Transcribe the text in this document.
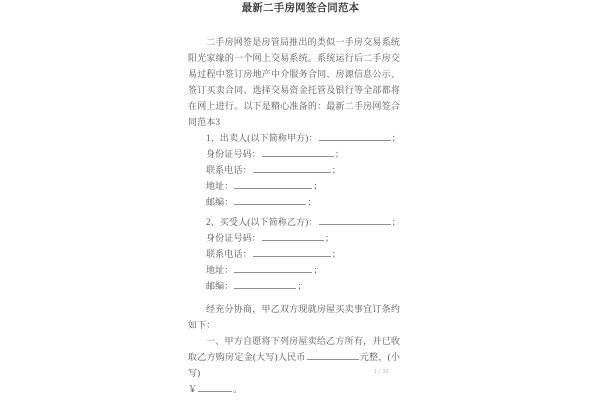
最新二手房网签合同范本

二手房网签是房管局推出的类似一手房交易系统阳光家缘的一个网上交易系统。系统运行后二手房交易过程中签订房地产中介服务合同、房源信息公示、签订买卖合同、选择交易资金托管及银行等全部都将在网上进行。以下是精心准备的：最新二手房网签合同范本3

1、出卖人(以下简称甲方)：	；

身份证号码：	；

联系电话：	；

地址：	；

邮编：	；

2、买受人(以下简称乙方)：	；

身份证号码：	；

联系电话：	；

地址：	；

邮编：	；

经充分协商，甲乙双方现就房屋买卖事宜订条约如下：

一、甲方自愿将下列房屋卖给乙方所有，并已收取乙方购房定金(大写)人民币	元整，(小写)
￥	。

1 / 30
